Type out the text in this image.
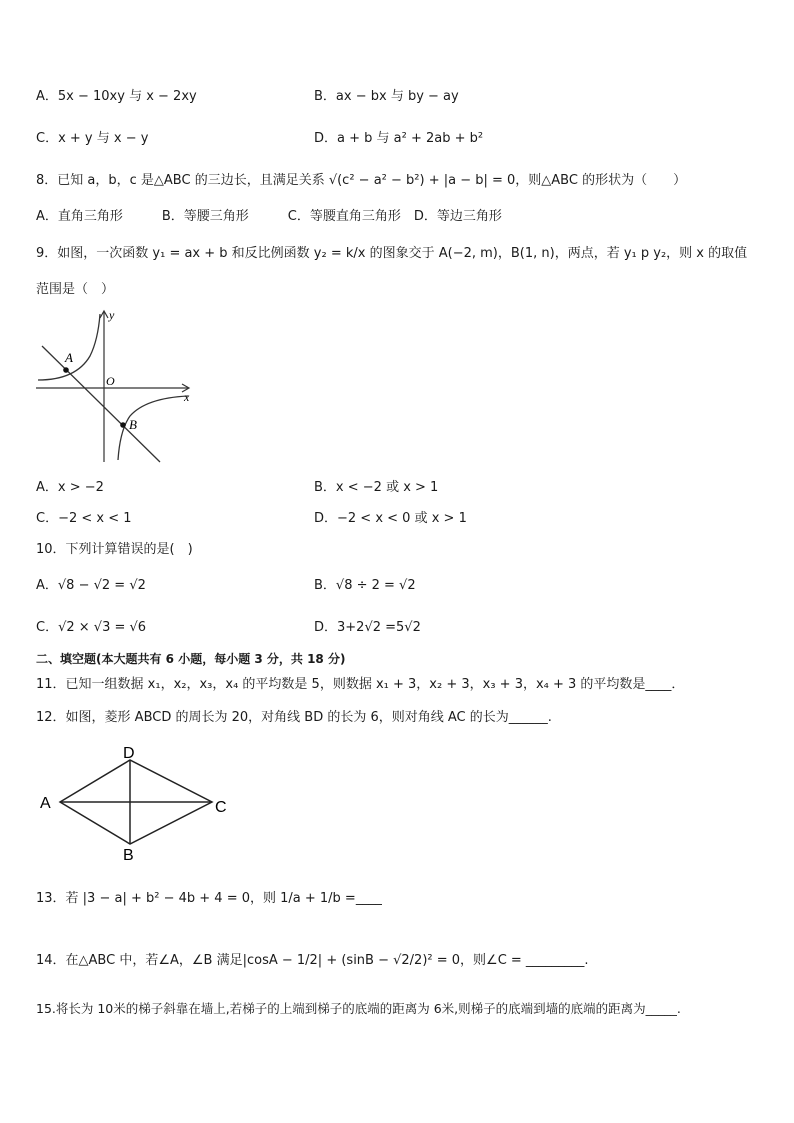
A．5x − 10xy 与 x − 2xy	B．ax − bx 与 by − ay
C．x + y 与 x − y	D．a + b 与 a² + 2ab + b²
8．已知 a，b，c 是△ABC 的三边长，且满足关系 √(c² − a² − b²) + |a − b| = 0，则△ABC 的形状为（　　）
A．直角三角形　　　B．等腰三角形　　　C．等腰直角三角形　D．等边三角形
9．如图，一次函数 y₁ = ax + b 和反比例函数 y₂ = k/x 的图象交于 A(−2, m)，B(1, n)，两点，若 y₁ p y₂，则 x 的取值
范围是（　）
A
B
O
y
x
A．x > −2	B．x < −2 或 x > 1
C．−2 < x < 1	D．−2 < x < 0 或 x > 1
10．下列计算错误的是(　)
A．√8 − √2 = √2	B．√8 ÷ 2 = √2
C．√2 × √3 = √6	D．3+2√2 =5√2
二、填空题(本大题共有 6 小题，每小题 3 分，共 18 分)
11．已知一组数据 x₁，x₂，x₃，x₄ 的平均数是 5，则数据 x₁ + 3，x₂ + 3，x₃ + 3，x₄ + 3 的平均数是____．
12．如图，菱形 ABCD 的周长为 20，对角线 BD 的长为 6，则对角线 AC 的长为______.
A
D
C
B
13．若 |3 − a| + b² − 4b + 4 = 0，则 1/a + 1/b =____
14．在△ABC 中，若∠A，∠B 满足|cosA − 1/2| + (sinB − √2/2)² = 0，则∠C = _________.
15.将长为 10米的梯子斜靠在墙上,若梯子的上端到梯子的底端的距离为 6米,则梯子的底端到墙的底端的距离为_____.
